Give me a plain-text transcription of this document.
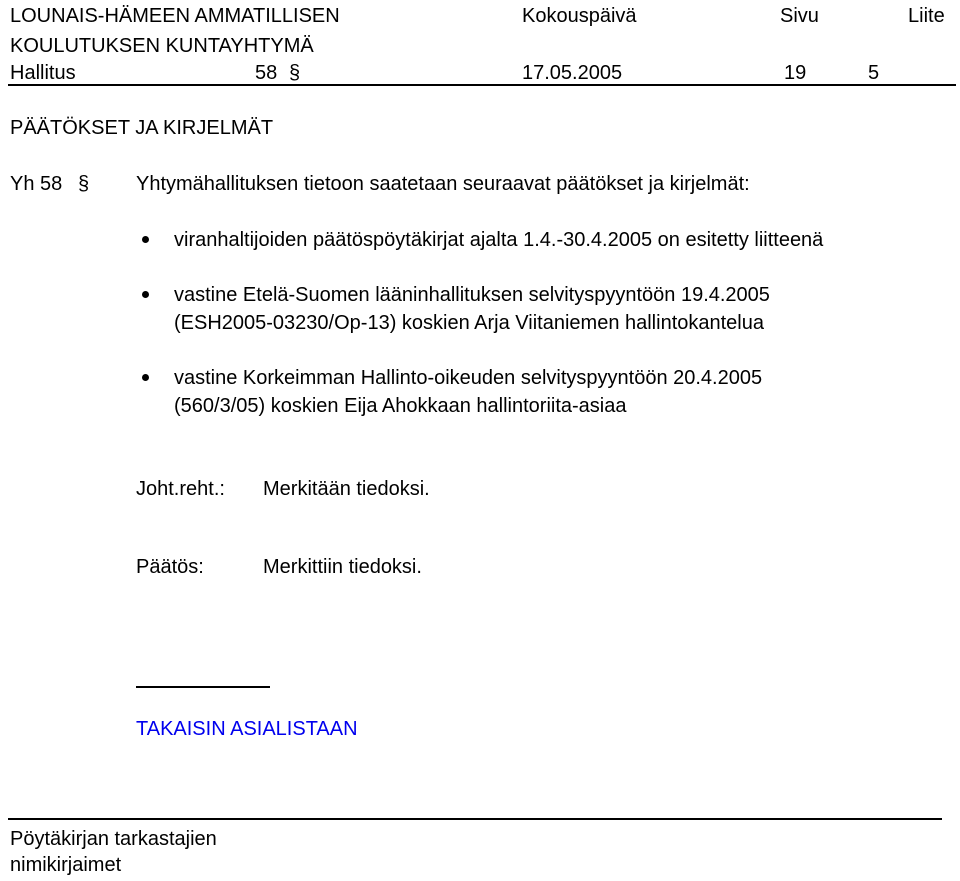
LOUNAIS-HÄMEEN AMMATILLISEN
KOULUTUKSEN KUNTAYHTYMÄ
Kokouspäivä	Sivu	Liite
Hallitus	58 §	17.05.2005	19	5
PÄÄTÖKSET JA KIRJELMÄT
Yh 58 § Yhtymähallituksen tietoon saatetaan seuraavat päätökset ja kirjelmät:
viranhaltijoiden päätöspöytäkirjat ajalta 1.4.-30.4.2005 on esitetty liitteenä
vastine Etelä-Suomen lääninhallituksen selvityspyyntöön 19.4.2005
(ESH2005-03230/Op-13) koskien Arja Viitaniemen hallintokantelua
vastine Korkeimman Hallinto-oikeuden selvityspyyntöön 20.4.2005
(560/3/05) koskien Eija Ahokkaan hallintoriita-asiaa
Joht.reht.: Merkitään tiedoksi.
Päätös:	Merkittiin tiedoksi.
TAKAISIN ASIALISTAAN
Pöytäkirjan tarkastajien
nimikirjaimet
